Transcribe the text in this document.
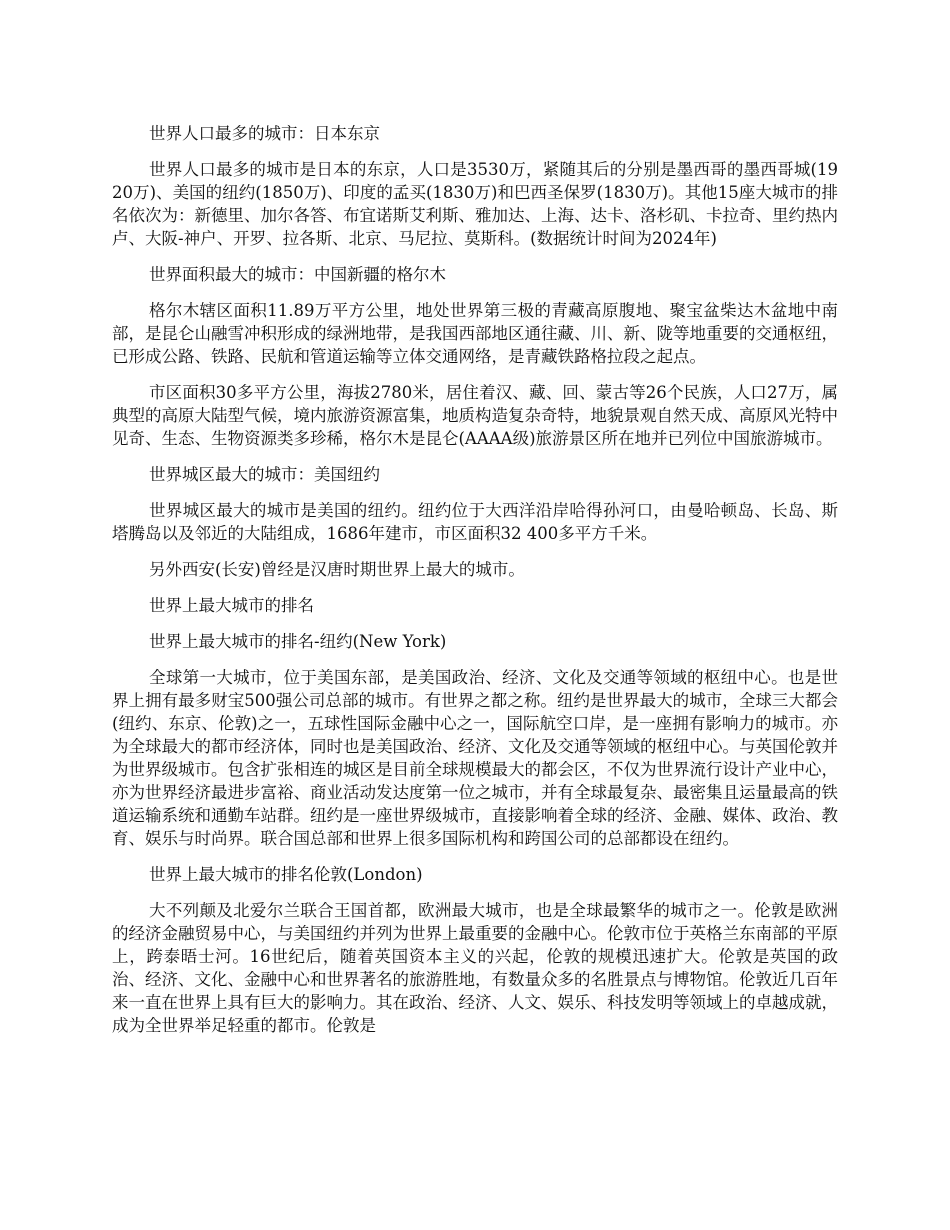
世界人口最多的城市：日本东京

世界人口最多的城市是日本的东京，人口是3530万，紧随其后的分别是墨西哥的墨西哥城(1920万)、美国的纽约(1850万)、印度的孟买(1830万)和巴西圣保罗(1830万)。其他15座大城市的排名依次为：新德里、加尔各答、布宜诺斯艾利斯、雅加达、上海、达卡、洛杉矶、卡拉奇、里约热内卢、大阪-神户、开罗、拉各斯、北京、马尼拉、莫斯科。(数据统计时间为2024年)

世界面积最大的城市：中国新疆的格尔木

格尔木辖区面积11.89万平方公里，地处世界第三极的青藏高原腹地、聚宝盆柴达木盆地中南部，是昆仑山融雪冲积形成的绿洲地带，是我国西部地区通往藏、川、新、陇等地重要的交通枢纽，已形成公路、铁路、民航和管道运输等立体交通网络，是青藏铁路格拉段之起点。

市区面积30多平方公里，海拔2780米，居住着汉、藏、回、蒙古等26个民族，人口27万，属典型的高原大陆型气候，境内旅游资源富集，地质构造复杂奇特，地貌景观自然天成、高原风光特中见奇、生态、生物资源类多珍稀，格尔木是昆仑(AAAA级)旅游景区所在地并已列位中国旅游城市。

世界城区最大的城市：美国纽约

世界城区最大的城市是美国的纽约。纽约位于大西洋沿岸哈得孙河口，由曼哈顿岛、长岛、斯塔腾岛以及邻近的大陆组成，1686年建市，市区面积32 400多平方千米。

另外西安(长安)曾经是汉唐时期世界上最大的城市。

世界上最大城市的排名

世界上最大城市的排名-纽约(New York)

全球第一大城市，位于美国东部，是美国政治、经济、文化及交通等领域的枢纽中心。也是世界上拥有最多财宝500强公司总部的城市。有世界之都之称。纽约是世界最大的城市，全球三大都会(纽约、东京、伦敦)之一，五球性国际金融中心之一，国际航空口岸，是一座拥有影响力的城市。亦为全球最大的都市经济体，同时也是美国政治、经济、文化及交通等领域的枢纽中心。与英国伦敦并为世界级城市。包含扩张相连的城区是目前全球规模最大的都会区，不仅为世界流行设计产业中心，亦为世界经济最进步富裕、商业活动发达度第一位之城市，并有全球最复杂、最密集且运量最高的铁道运输系统和通勤车站群。纽约是一座世界级城市，直接影响着全球的经济、金融、媒体、政治、教育、娱乐与时尚界。联合国总部和世界上很多国际机构和跨国公司的总部都设在纽约。

世界上最大城市的排名伦敦(London)

大不列颠及北爱尔兰联合王国首都，欧洲最大城市，也是全球最繁华的城市之一。伦敦是欧洲的经济金融贸易中心，与美国纽约并列为世界上最重要的金融中心。伦敦市位于英格兰东南部的平原上，跨泰晤士河。16世纪后，随着英国资本主义的兴起，伦敦的规模迅速扩大。伦敦是英国的政治、经济、文化、金融中心和世界著名的旅游胜地，有数量众多的名胜景点与博物馆。伦敦近几百年来一直在世界上具有巨大的影响力。其在政治、经济、人文、娱乐、科技发明等领域上的卓越成就，成为全世界举足轻重的都市。伦敦是
